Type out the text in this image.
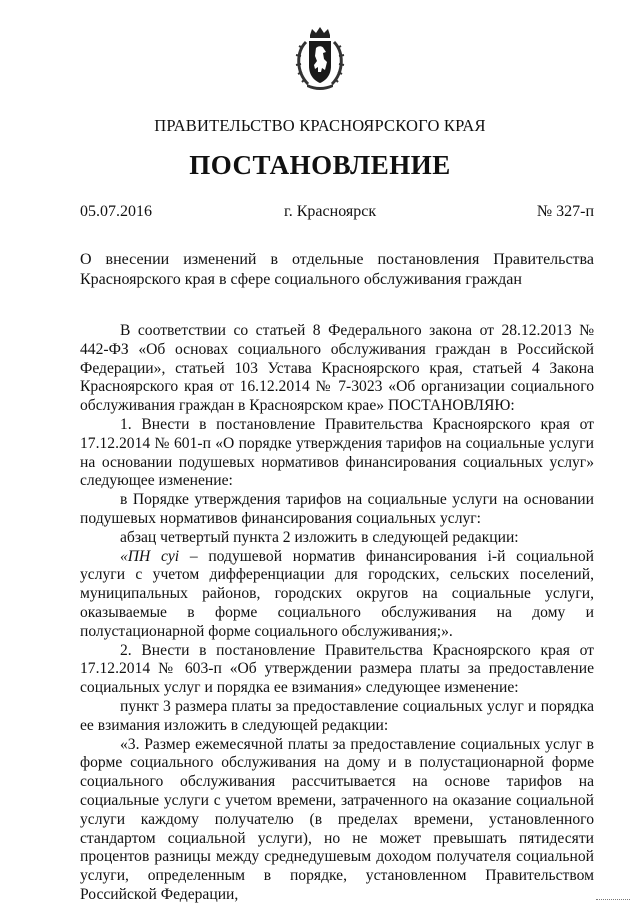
ПРАВИТЕЛЬСТВО КРАСНОЯРСКОГО КРАЯ
ПОСТАНОВЛЕНИЕ
05.07.2016	г. Красноярск	№ 327-п
О внесении изменений в отдельные постановления Правительства Красноярского края в сфере социального обслуживания граждан

В соответствии со статьей 8 Федерального закона от 28.12.2013 № 442-ФЗ «Об основах социального обслуживания граждан в Российской Федерации», статьей 103 Устава Красноярского края, статьей 4 Закона Красноярского края от 16.12.2014 № 7-3023 «Об организации социального обслуживания граждан в Красноярском крае» ПОСТАНОВЛЯЮ:

1. Внести в постановление Правительства Красноярского края от 17.12.2014 № 601-п «О порядке утверждения тарифов на социальные услуги на основании подушевых нормативов финансирования социальных услуг» следующее изменение:

в Порядке утверждения тарифов на социальные услуги на основании подушевых нормативов финансирования социальных услуг:

абзац четвертый пункта 2 изложить в следующей редакции:

«ПН суі – подушевой норматив финансирования i-й социальной услуги с учетом дифференциации для городских, сельских поселений, муниципальных районов, городских округов на социальные услуги, оказываемые в форме социального обслуживания на дому и полустационарной форме социального обслуживания;».

2. Внести в постановление Правительства Красноярского края от 17.12.2014 № 603-п «Об утверждении размера платы за предоставление социальных услуг и порядка ее взимания» следующее изменение:

пункт 3 размера платы за предоставление социальных услуг и порядка ее взимания изложить в следующей редакции:

«3. Размер ежемесячной платы за предоставление социальных услуг в форме социального обслуживания на дому и в полустационарной форме социального обслуживания рассчитывается на основе тарифов на социальные услуги с учетом времени, затраченного на оказание социальной услуги каждому получателю (в пределах времени, установленного стандартом социальной услуги), но не может превышать пятидесяти процентов разницы между среднедушевым доходом получателя социальной услуги, определенным в порядке, установленном Правительством Российской Федерации,
